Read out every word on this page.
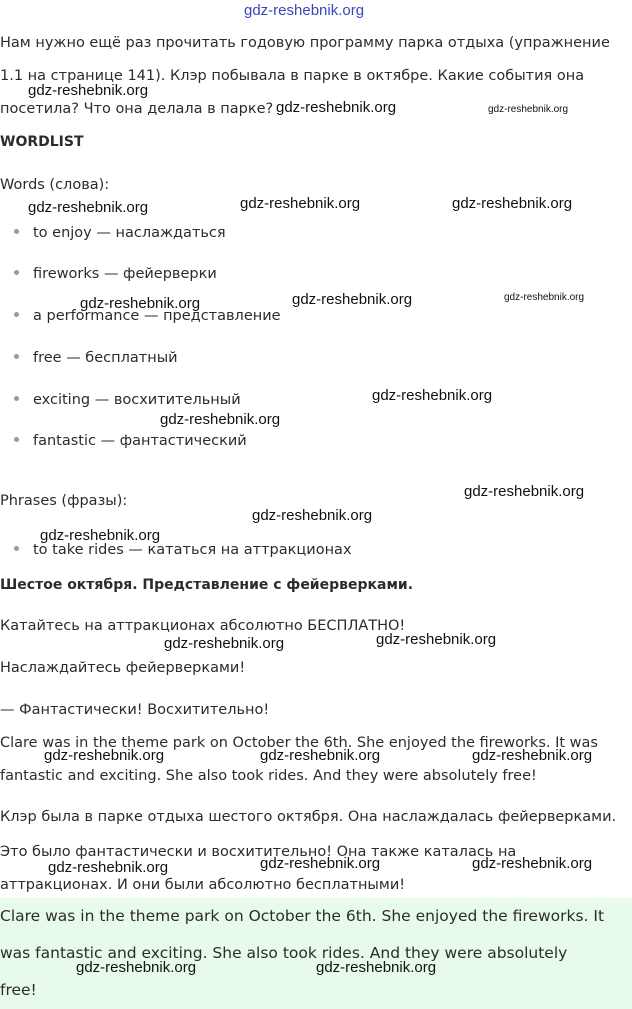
gdz-reshebnik.org
Нам нужно ещё раз прочитать годовую программу парка отдыха (упражнение
1.1 на странице 141). Клэр побывала в парке в октябре. Какие события она
посетила? Что она делала в парке?
WORDLIST
Words (слова):
to enjoy — наслаждаться
fireworks — фейерверки
a performance — представление
free — бесплатный
exciting — восхитительный
fantastic — фантастический
Phrases (фразы):
to take rides — кататься на аттракционах
Шестое октября. Представление с фейерверками.
Катайтесь на аттракционах абсолютно БЕСПЛАТНО!
Наслаждайтесь фейерверками!
— Фантастически! Восхитительно!
Clare was in the theme park on October the 6th. She enjoyed the fireworks. It was
fantastic and exciting. She also took rides. And they were absolutely free!
Клэр была в парке отдыха шестого октября. Она наслаждалась фейерверками.
Это было фантастически и восхитительно! Она также каталась на
аттракционах. И они были абсолютно бесплатными!
Clare was in the theme park on October the 6th. She enjoyed the fireworks. It
was fantastic and exciting. She also took rides. And they were absolutely
free!
gdz-reshebnik.org
gdz-reshebnik.org	gdz-reshebnik.org
gdz-reshebnik.org	gdz-reshebnik.org	gdz-reshebnik.org
gdz-reshebnik.org	gdz-reshebnik.org	gdz-reshebnik.org
gdz-reshebnik.org
gdz-reshebnik.org
gdz-reshebnik.org
gdz-reshebnik.org
gdz-reshebnik.org
gdz-reshebnik.org
gdz-reshebnik.org
gdz-reshebnik.org	gdz-reshebnik.org	gdz-reshebnik.org
gdz-reshebnik.org	gdz-reshebnik.org
gdz-reshebnik.org
gdz-reshebnik.org	gdz-reshebnik.org
